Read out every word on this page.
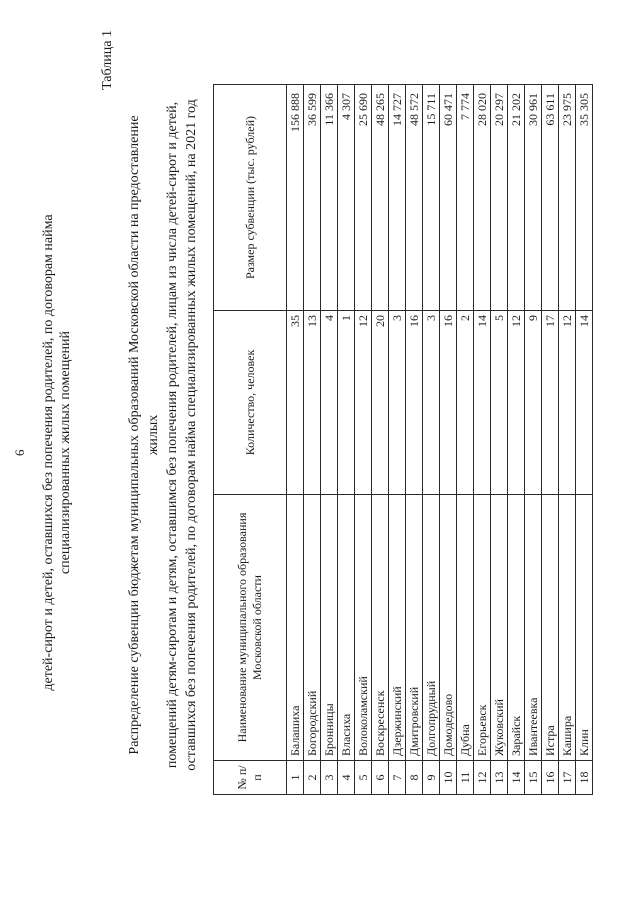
6 детей-сирот и детей, оставшихся без попечения родителей, по договорам найма специализированных жилых помещений
Таблица 1
Распределение субвенции бюджетам муниципальных образований Московской области на предоставление жилых помещений детям-сиротам и детям, оставшимся без попечения родителей, лицам из числа детей-сирот и детей, оставшихся без попечения родителей, по договорам найма специализированных жилых помещений, на 2021 год
№ п/п	Наименование муниципального образования Московской области	Количество, человек	Размер субвенции (тыс. рублей)
1	Балашиха	35	156 888
2	Богородский	13	36 599
3	Бронницы	4	11 366
4	Власиха	1	4 307
5	Волоколамский	12	25 690
6	Воскресенск	20	48 265
7	Дзержинский	3	14 727
8	Дмитровский	16	48 572
9	Долгопрудный	3	15 711
10	Домодедово	16	60 471
11	Дубна	2	7 774
12	Егорьевск	14	28 020
13	Жуковский	5	20 297
14	Зарайск	12	21 202
15	Ивантеевка	9	30 961
16	Истра	17	63 611
17	Кашира	12	23 975
18	Клин	14	35 305
